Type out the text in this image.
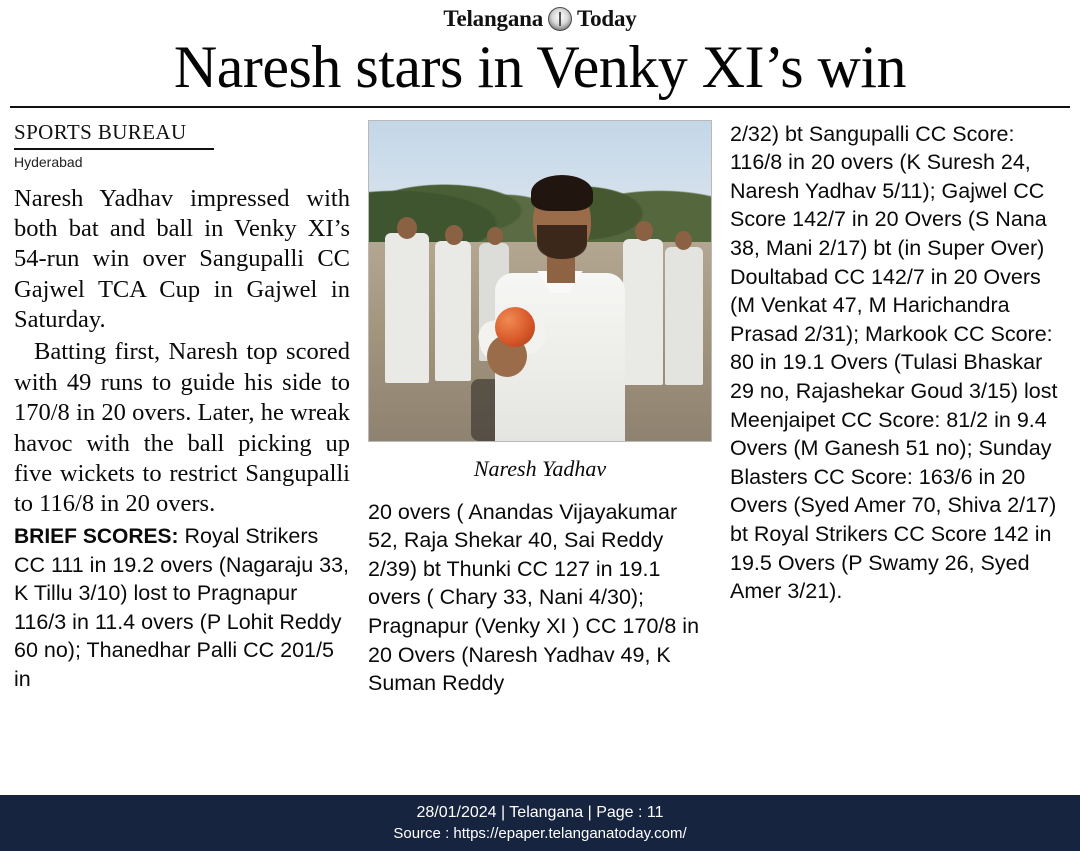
Telangana Today
Naresh stars in Venky XI’s win
SPORTS BUREAU
Hyderabad

Naresh Yadhav impressed with both bat and ball in Venky XI’s 54-run win over Sangupalli CC Gajwel TCA Cup in Gajwel in Saturday.

Batting first, Naresh top scored with 49 runs to guide his side to 170/8 in 20 overs. Later, he wreak havoc with the ball picking up five wickets to restrict Sangupalli to 116/8 in 20 overs.

BRIEF SCORES: Royal Strikers CC 111 in 19.2 overs (Nagaraju 33, K Tillu 3/10) lost to Pragnapur 116/3 in 11.4 overs (P Lohit Reddy 60 no); Thanedhar Palli CC 201/5 in

Naresh Yadhav

20 overs ( Anandas Vijayakumar 52, Raja Shekar 40, Sai Reddy 2/39) bt Thunki CC 127 in 19.1 overs ( Chary 33, Nani 4/30); Pragnapur (Venky XI ) CC 170/8 in 20 Overs (Naresh Yadhav 49, K Suman Reddy

2/32) bt Sangupalli CC Score: 116/8 in 20 overs (K Suresh 24, Naresh Yadhav 5/11); Gajwel CC Score 142/7 in 20 Overs (S Nana 38, Mani 2/17) bt (in Super Over) Doultabad CC 142/7 in 20 Overs (M Venkat 47, M Harichandra Prasad 2/31); Markook CC Score: 80 in 19.1 Overs (Tulasi Bhaskar 29 no, Rajashekar Goud 3/15) lost Meenjaipet CC Score: 81/2 in 9.4 Overs (M Ganesh 51 no); Sunday Blasters CC Score: 163/6 in 20 Overs (Syed Amer 70, Shiva 2/17) bt Royal Strikers CC Score 142 in 19.5 Overs (P Swamy 26, Syed Amer 3/21).

28/01/2024 | Telangana | Page : 11
Source : https://epaper.telanganatoday.com/
